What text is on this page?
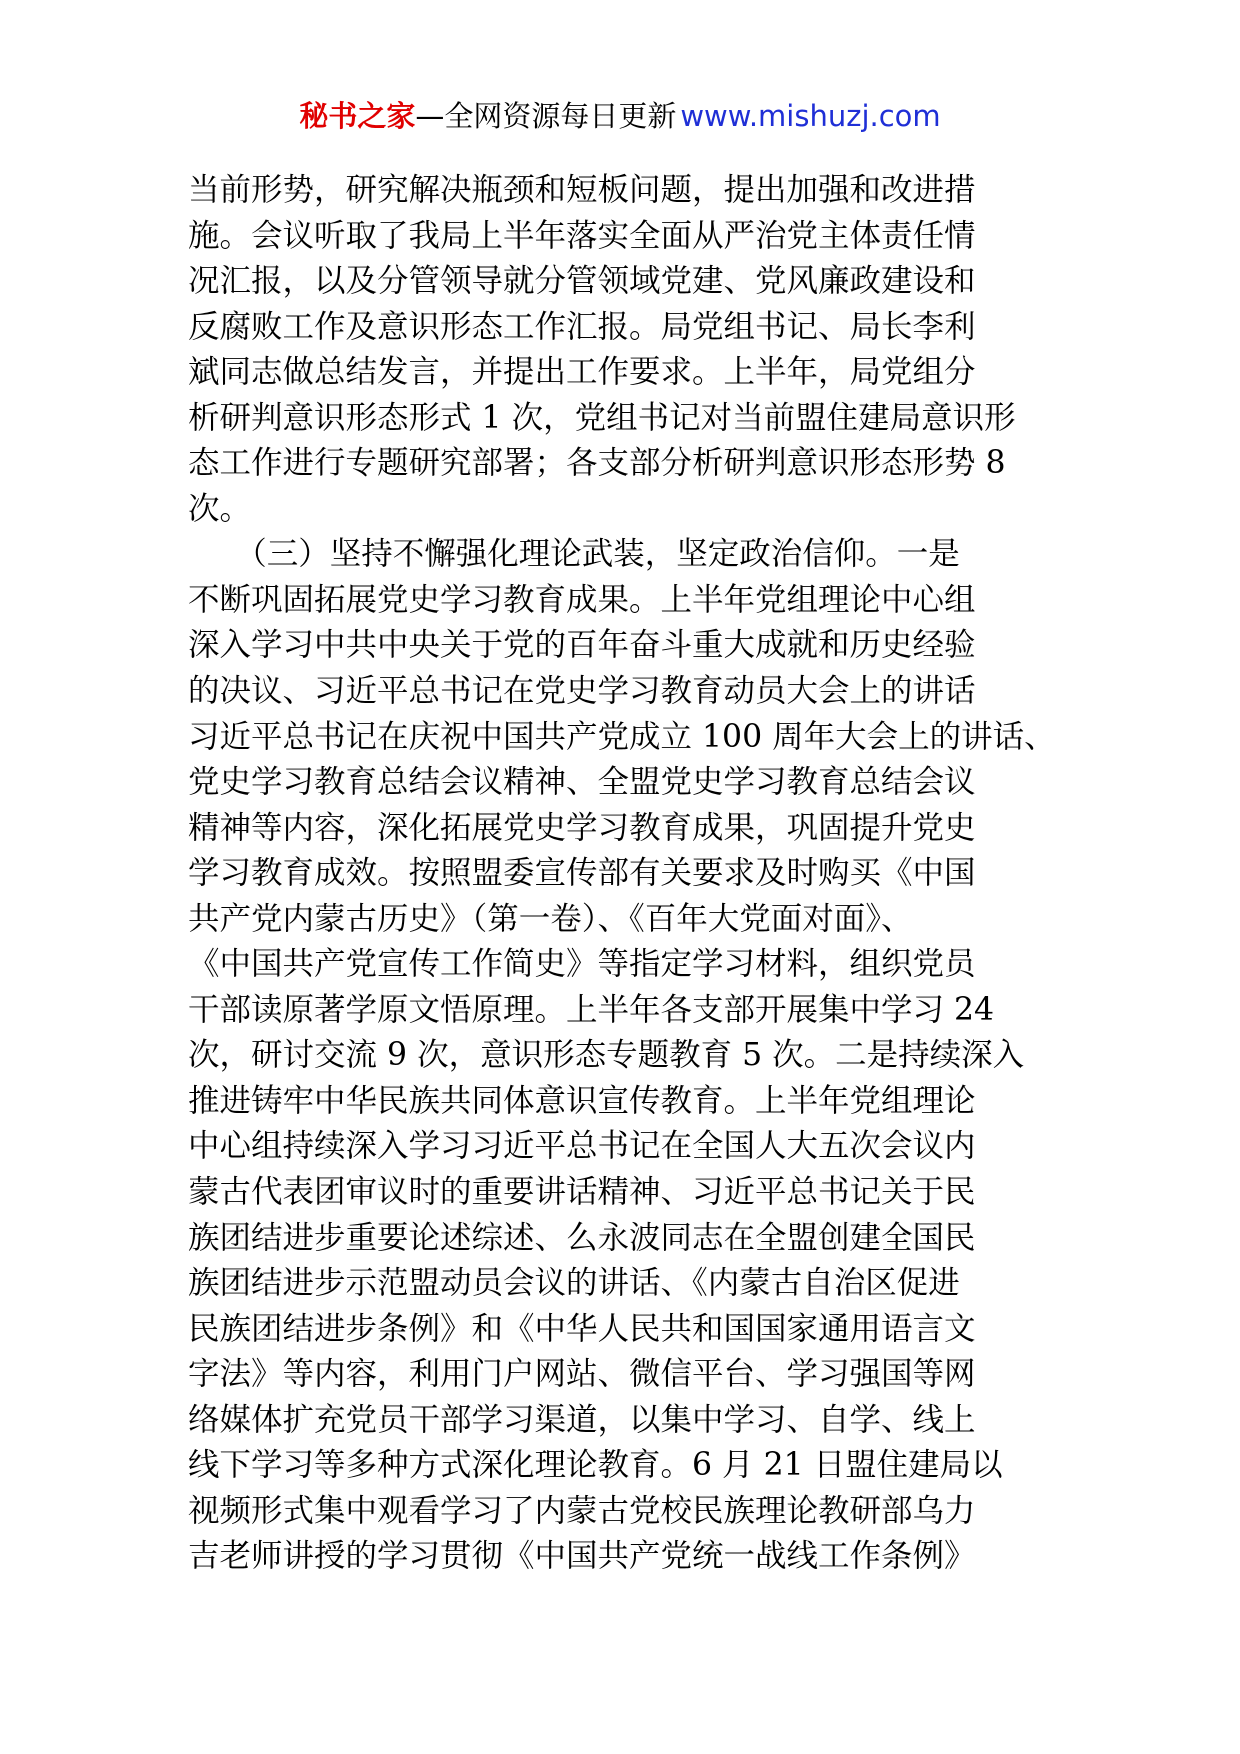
秘书之家—全网资源每日更新 www.mishuzj.com
当前形势，研究解决瓶颈和短板问题，提出加强和改进措
施。会议听取了我局上半年落实全面从严治党主体责任情
况汇报，以及分管领导就分管领域党建、党风廉政建设和
反腐败工作及意识形态工作汇报。局党组书记、局长李利
斌同志做总结发言，并提出工作要求。上半年，局党组分
析研判意识形态形式 1 次，党组书记对当前盟住建局意识形
态工作进行专题研究部署；各支部分析研判意识形态形势 8
次。
　　（三）坚持不懈强化理论武装，坚定政治信仰。一是
不断巩固拓展党史学习教育成果。上半年党组理论中心组
深入学习中共中央关于党的百年奋斗重大成就和历史经验
的决议、习近平总书记在党史学习教育动员大会上的讲话
习近平总书记在庆祝中国共产党成立 100 周年大会上的讲话、
党史学习教育总结会议精神、全盟党史学习教育总结会议
精神等内容，深化拓展党史学习教育成果，巩固提升党史
学习教育成效。按照盟委宣传部有关要求及时购买《中国
共产党内蒙古历史》（第一卷）、《百年大党面对面》、
《中国共产党宣传工作简史》等指定学习材料，组织党员
干部读原著学原文悟原理。上半年各支部开展集中学习 24
次，研讨交流 9 次，意识形态专题教育 5 次。二是持续深入
推进铸牢中华民族共同体意识宣传教育。上半年党组理论
中心组持续深入学习习近平总书记在全国人大五次会议内
蒙古代表团审议时的重要讲话精神、习近平总书记关于民
族团结进步重要论述综述、么永波同志在全盟创建全国民
族团结进步示范盟动员会议的讲话、《内蒙古自治区促进
民族团结进步条例》和《中华人民共和国国家通用语言文
字法》等内容，利用门户网站、微信平台、学习强国等网
络媒体扩充党员干部学习渠道，以集中学习、自学、线上
线下学习等多种方式深化理论教育。6 月 21 日盟住建局以
视频形式集中观看学习了内蒙古党校民族理论教研部乌力
吉老师讲授的学习贯彻《中国共产党统一战线工作条例》
